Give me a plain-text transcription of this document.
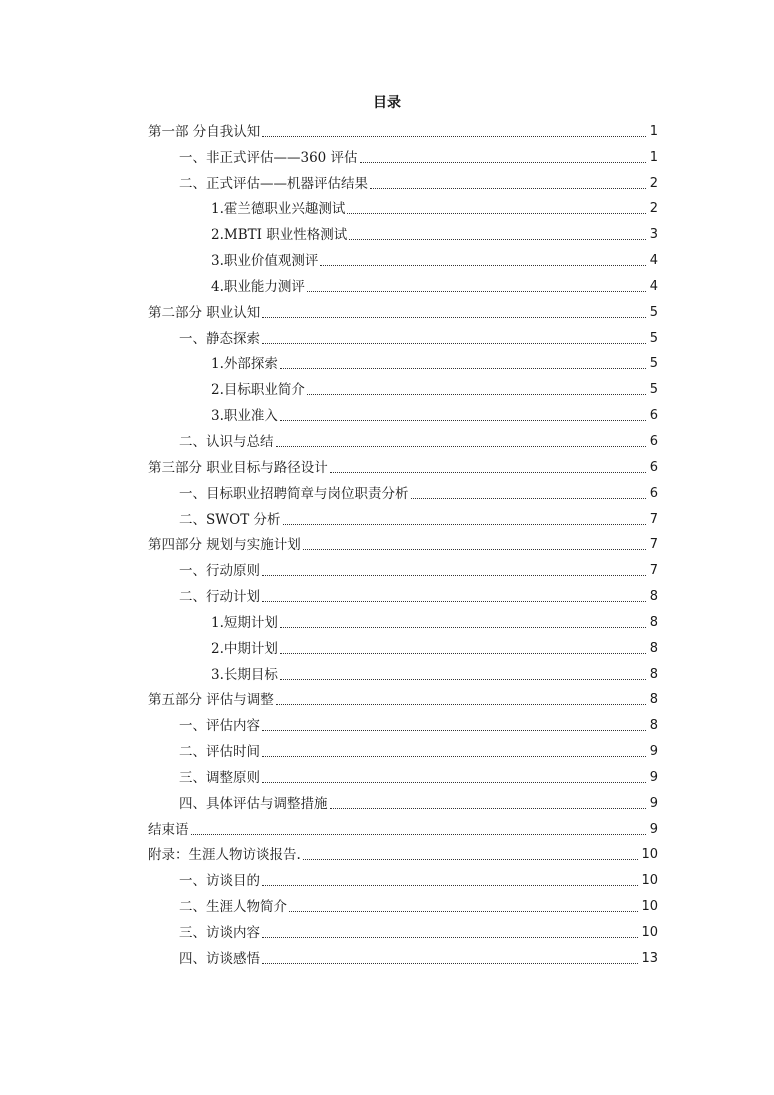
目录
第一部 分自我认知	1
一、非正式评估——360 评估	1
二、正式评估——机器评估结果	2
1.霍兰德职业兴趣测试	2
2.MBTI 职业性格测试	3
3.职业价值观测评	4
4.职业能力测评	4
第二部分 职业认知	5
一、静态探索	5
1.外部探索	5
2.目标职业简介	5
3.职业准入	6
二、认识与总结	6
第三部分 职业目标与路径设计	6
一、目标职业招聘简章与岗位职责分析	6
二、SWOT 分析	7
第四部分 规划与实施计划	7
一、行动原则	7
二、行动计划	8
1.短期计划	8
2.中期计划	8
3.长期目标	8
第五部分 评估与调整	8
一、评估内容	8
二、评估时间	9
三、调整原则	9
四、具体评估与调整措施	9
结束语	9
附录：生涯人物访谈报告.	10
一、访谈目的	10
二、生涯人物简介	10
三、访谈内容	10
四、访谈感悟	13
